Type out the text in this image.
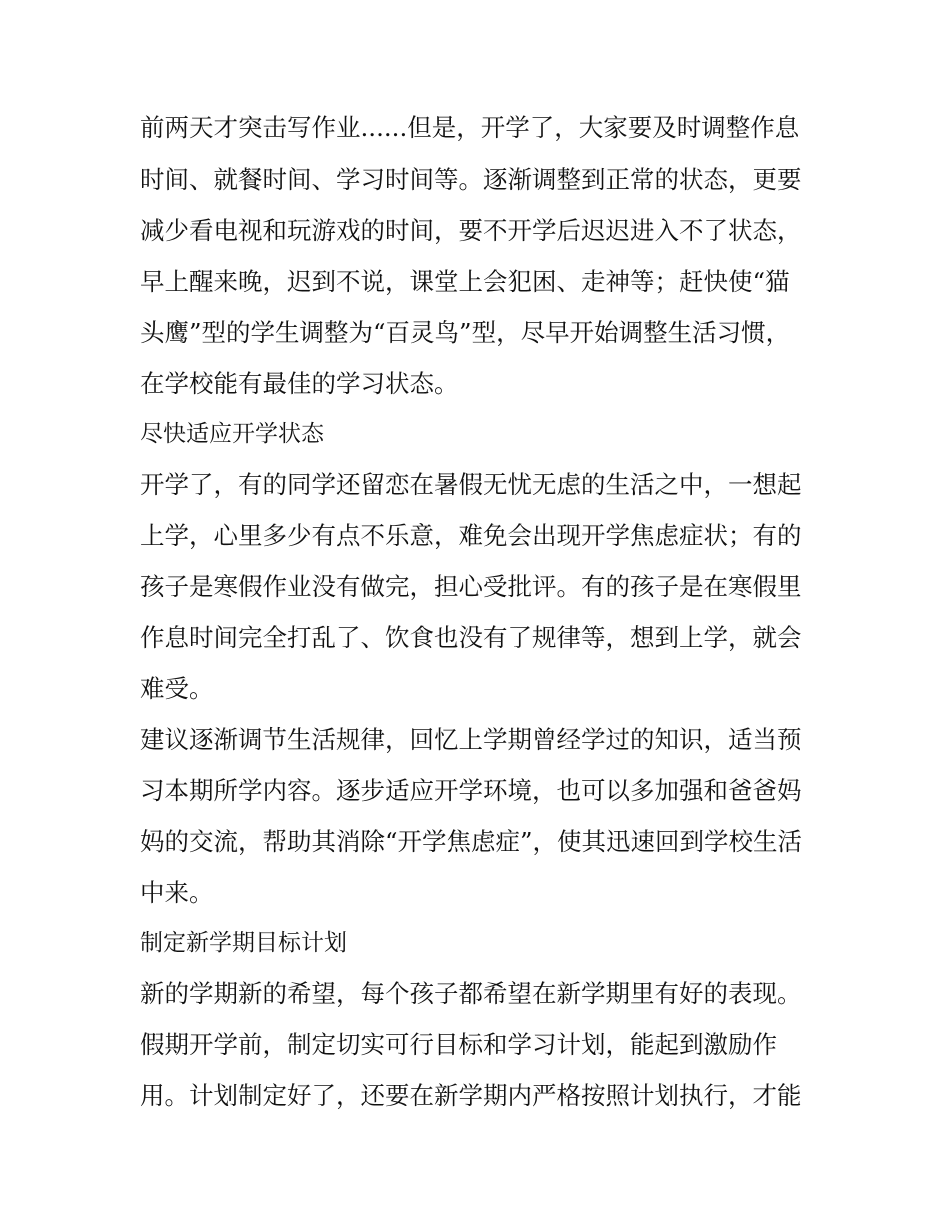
前两天才突击写作业......但是，开学了，大家要及时调整作息
时间、就餐时间、学习时间等。逐渐调整到正常的状态，更要
减少看电视和玩游戏的时间，要不开学后迟迟进入不了状态，
早上醒来晚，迟到不说，课堂上会犯困、走神等；赶快使“猫
头鹰”型的学生调整为“百灵鸟”型，尽早开始调整生活习惯，
在学校能有最佳的学习状态。
尽快适应开学状态
开学了，有的同学还留恋在暑假无忧无虑的生活之中，一想起
上学，心里多少有点不乐意，难免会出现开学焦虑症状；有的
孩子是寒假作业没有做完，担心受批评。有的孩子是在寒假里
作息时间完全打乱了、饮食也没有了规律等，想到上学，就会
难受。
建议逐渐调节生活规律，回忆上学期曾经学过的知识，适当预
习本期所学内容。逐步适应开学环境，也可以多加强和爸爸妈
妈的交流，帮助其消除“开学焦虑症”，使其迅速回到学校生活
中来。
制定新学期目标计划
新的学期新的希望，每个孩子都希望在新学期里有好的表现。
假期开学前，制定切实可行目标和学习计划，能起到激励作
用。计划制定好了，还要在新学期内严格按照计划执行，才能
